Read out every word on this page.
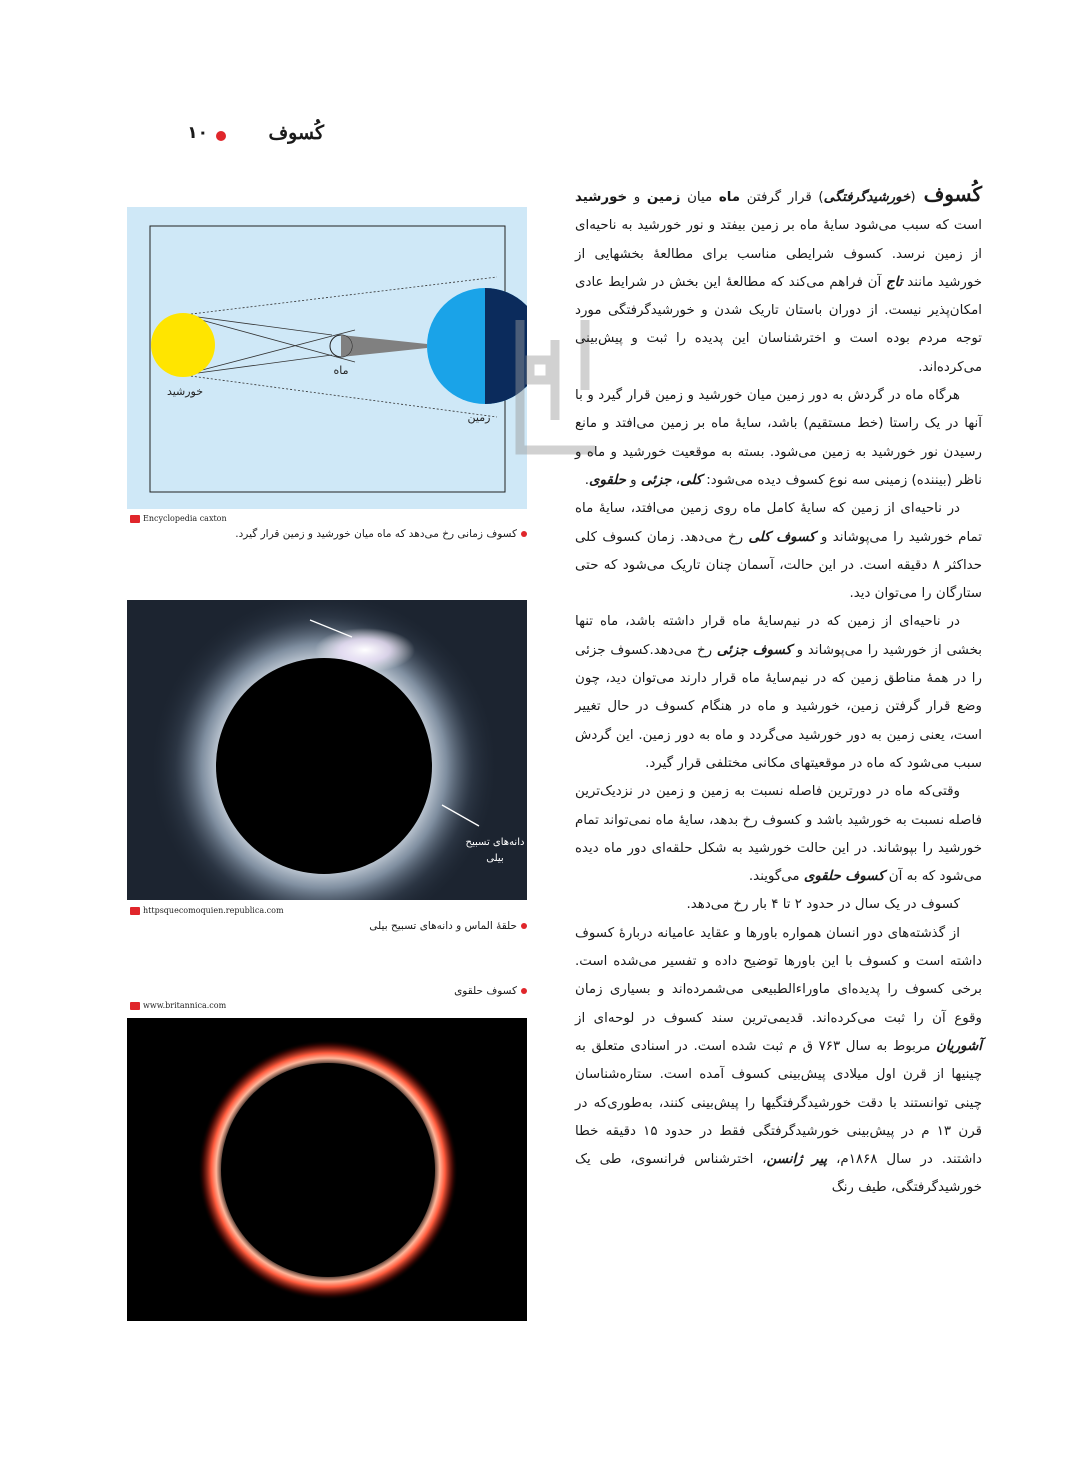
کُسوف
۱۰
خورشید
ماه
زمین
Encyclopedia caxton
کسوف زمانی رخ می‌دهد که ماه میان خورشید و زمین قرار گیرد.
دانه‌های تسبیح بیلی
httpsquecomoquien.republica.com
حلقهٔ الماس و دانه‌های تسبیح بیلی
کسوف حلقوی
www.britannica.com

کُسوف(خورشیدگرفتگی) قرار گرفتن ماه میان زمین و خورشید است که سبب می‌شود سایهٔ ماه بر زمین بیفتد و نور خورشید به ناحیه‌ای از زمین نرسد. کسوف شرایطی مناسب برای مطالعهٔ بخشهایی از خورشید مانند تاج آن فراهم می‌کند که مطالعهٔ این بخش در شرایط عادی امکان‌پذیر نیست. از دوران باستان تاریک شدن و خورشیدگرفتگی مورد توجه مردم بوده است و اخترشناسان این پدیده را ثبت و پیش‌بینی می‌کرده‌اند.

هرگاه ماه در گردش به دور زمین میان خورشید و زمین قرار گیرد و با آنها در یک راستا (خط مستقیم) باشد، سایهٔ ماه بر زمین می‌افتد و مانع رسیدن نور خورشید به زمین می‌شود. بسته به موقعیت خورشید و ماه و ناظر (بیننده) زمینی سه نوع کسوف دیده می‌شود: کلی، جزئی و حلقوی.

در ناحیه‌ای از زمین که سایهٔ کامل ماه روی زمین می‌افتد، سایهٔ ماه تمام خورشید را می‌پوشاند و کسوف کلی رخ می‌دهد. زمان کسوف کلی حداکثر ۸ دقیقه است. در این حالت، آسمان چنان تاریک می‌شود که حتی ستارگان را می‌توان دید.

در ناحیه‌ای از زمین که در نیم‌سایهٔ ماه قرار داشته باشد، ماه تنها بخشی از خورشید را می‌پوشاند و کسوف جزئی رخ می‌دهد.کسوف جزئی را در همهٔ مناطق زمین که در نیم‌سایهٔ ماه قرار دارند می‌توان دید، چون وضع قرار گرفتن زمین، خورشید و ماه در هنگام کسوف در حال تغییر است، یعنی زمین به دور خورشید می‌گردد و ماه به دور زمین. این گردش سبب می‌شود که ماه در موقعیتهای مکانی مختلفی قرار گیرد.

وقتی‌که ماه در دورترین فاصله نسبت به زمین و زمین در نزدیک‌ترین فاصله نسبت به خورشید باشد و کسوف رخ بدهد، سایهٔ ماه نمی‌تواند تمام خورشید را بپوشاند. در این حالت خورشید به شکل حلقه‌ای دور ماه دیده می‌شود که به آن کسوف حلقوی می‌گویند.

کسوف در یک سال در حدود ۲ تا ۴ بار رخ می‌دهد.

از گذشته‌های دور انسان همواره باورها و عقاید عامیانه دربارهٔ کسوف داشته است و کسوف با این باورها توضیح داده و تفسیر می‌شده است. برخی کسوف را پدیده‌ای ماوراءالطبیعی می‌شمرده‌اند و بسیاری زمان وقوع آن را ثبت می‌کرده‌اند. قدیمی‌ترین سند کسوف در لوحه‌ای از آشوریان مربوط به سال ۷۶۳ ق م ثبت شده است. در اسنادی متعلق به چینیها از قرن اول میلادی پیش‌بینی کسوف آمده است. ستاره‌شناسان چینی توانستند با دقت خورشیدگرفتگیها را پیش‌بینی کنند، به‌طوری‌که در قرن ۱۳ م در پیش‌بینی خورشیدگرفتگی فقط در حدود ۱۵ دقیقه خطا داشتند. در سال ۱۸۶۸م، پیر ژانسن، اخترشناس فرانسوی، طی یک خورشیدگرفتگی، طیف رنگ
